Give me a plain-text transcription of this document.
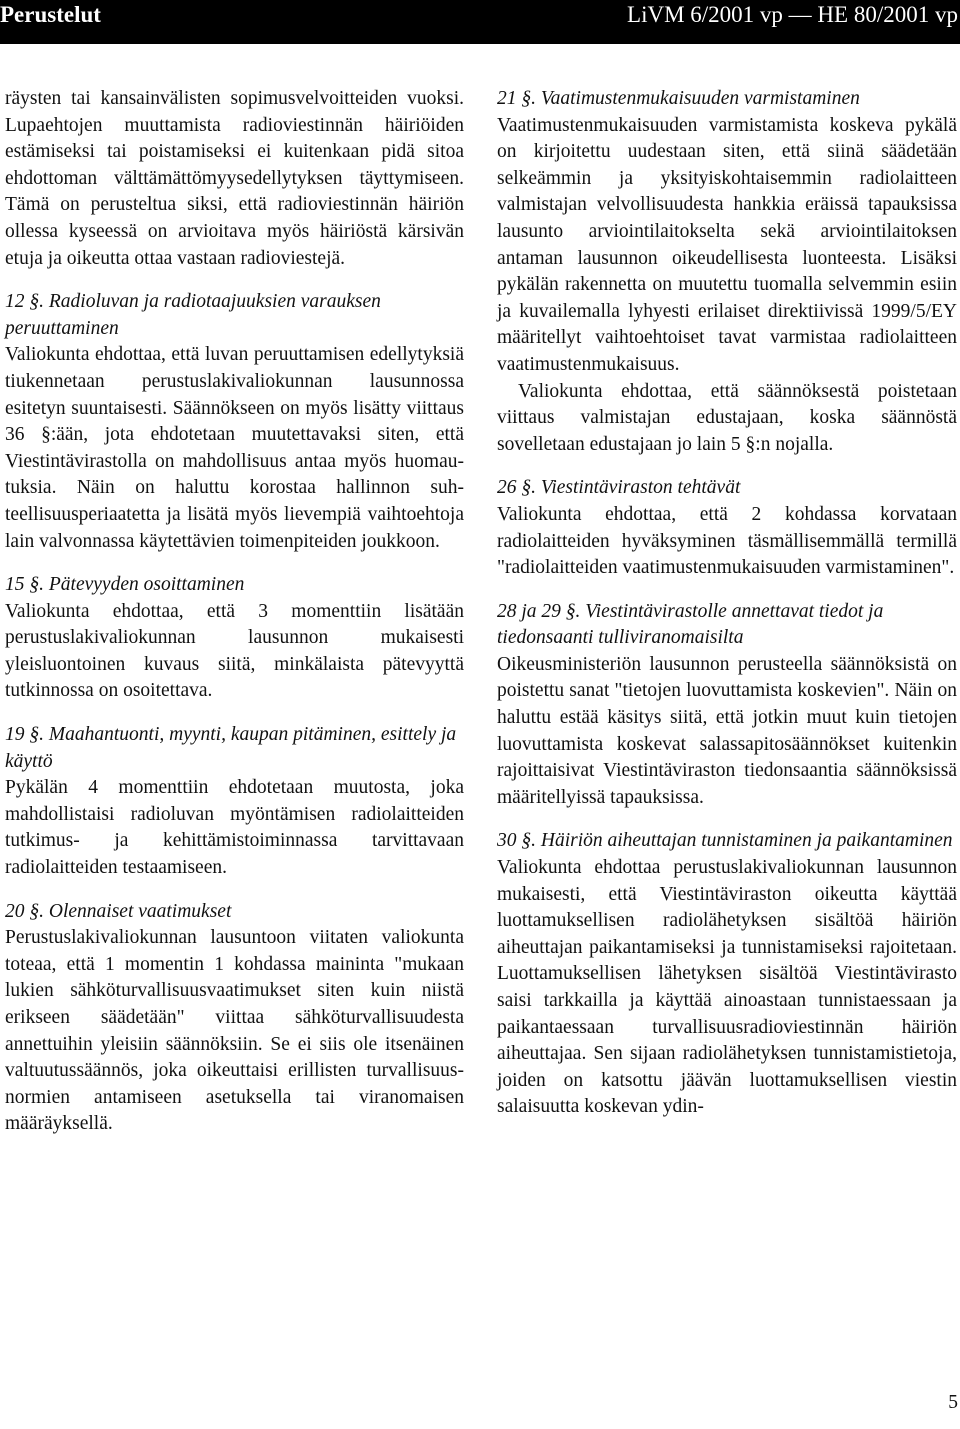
Perustelut	LiVM 6/2001 vp — HE 80/2001 vp

räysten tai kansainvälisten sopimusvelvoitteiden vuoksi. Lupaehtojen muuttamista radioviestinnän häiriöiden estämiseksi tai poistamiseksi ei kuitenkaan pidä sitoa ehdottoman välttämättömyysedellytyksen täyttymiseen. Tämä on perusteltua siksi, että radioviestinnän häiriön ollessa kyseessä on arvioitava myös häiriöstä kärsivän etuja ja oikeutta ottaa vastaan radioviestejä.

12 §. Radioluvan ja radiotaajuuksien varauksen peruuttaminen

Valiokunta ehdottaa, että luvan peruuttamisen edellytyksiä tiukennetaan perustuslakivaliokunnan lausunnossa esitetyn suuntaisesti. Säännökseen on myös lisätty viittaus 36 §:ään, jota ehdotetaan muutettavaksi siten, että Viestintävirastolla on mahdollisuus antaa myös huomautuksia. Näin on haluttu korostaa hallinnon suhteellisuusperiaatetta ja lisätä myös lievempiä vaihtoehtoja lain valvonnassa käytettävien toimenpiteiden joukkoon.

15 §. Pätevyyden osoittaminen

Valiokunta ehdottaa, että 3 momenttiin lisätään perustuslakivaliokunnan lausunnon mukaisesti yleisluontoinen kuvaus siitä, minkälaista pätevyyttä tutkinnossa on osoitettava.

19 §. Maahantuonti, myynti, kaupan pitäminen, esittely ja käyttö

Pykälän 4 momenttiin ehdotetaan muutosta, joka mahdollistaisi radioluvan myöntämisen radiolaitteiden tutkimus- ja kehittämistoiminnassa tarvittavaan radiolaitteiden testaamiseen.

20 §. Olennaiset vaatimukset

Perustuslakivaliokunnan lausuntoon viitaten valiokunta toteaa, että 1 momentin 1 kohdassa maininta "mukaan lukien sähköturvallisuusvaatimukset siten kuin niistä erikseen säädetään" viittaa sähköturvallisuudesta annettuihin yleisiin säännöksiin. Se ei siis ole itsenäinen valtuutussäännös, joka oikeuttaisi erillisten turvallisuusnormien antamiseen asetuksella tai viranomaisen määräyksellä.

21 §. Vaatimustenmukaisuuden varmistaminen

Vaatimustenmukaisuuden varmistamista koskeva pykälä on kirjoitettu uudestaan siten, että siinä säädetään selkeämmin ja yksityiskohtaisemmin radiolaitteen valmistajan velvollisuudesta hankkia eräissä tapauksissa lausunto arviointilaitokselta sekä arviointilaitoksen antaman lausunnon oikeudellisesta luonteesta. Lisäksi pykälän rakennetta on muutettu tuomalla selvemmin esiin ja kuvailemalla lyhyesti erilaiset direktiivissä 1999/5/EY määritellyt vaihtoehtoiset tavat varmistaa radiolaitteen vaatimustenmukaisuus.

Valiokunta ehdottaa, että säännöksestä poistetaan viittaus valmistajan edustajaan, koska säännöstä sovelletaan edustajaan jo lain 5 §:n nojalla.

26 §. Viestintäviraston tehtävät

Valiokunta ehdottaa, että 2 kohdassa korvataan radiolaitteiden hyväksyminen täsmällisemmällä termillä "radiolaitteiden vaatimustenmukaisuuden varmistaminen".

28 ja 29 §. Viestintävirastolle annettavat tiedot ja tiedonsaanti tulliviranomaisilta

Oikeusministeriön lausunnon perusteella säännöksistä on poistettu sanat "tietojen luovuttamista koskevien". Näin on haluttu estää käsitys siitä, että jotkin muut kuin tietojen luovuttamista koskevat salassapitosäännökset kuitenkin rajoittaisivat Viestintäviraston tiedonsaantia säännöksissä määritellyissä tapauksissa.

30 §. Häiriön aiheuttajan tunnistaminen ja paikantaminen

Valiokunta ehdottaa perustuslakivaliokunnan lausunnon mukaisesti, että Viestintäviraston oikeutta käyttää luottamuksellisen radiolähetyksen sisältöä häiriön aiheuttajan paikantamiseksi ja tunnistamiseksi rajoitetaan. Luottamuksellisen lähetyksen sisältöä Viestintävirasto saisi tarkkailla ja käyttää ainoastaan tunnistaessaan ja paikantaessaan turvallisuusradioviestinnän häiriön aiheuttajaa. Sen sijaan radiolähetyksen tunnistamistietoja, joiden on katsottu jäävän luottamuksellisen viestin salaisuutta koskevan ydin-

5
